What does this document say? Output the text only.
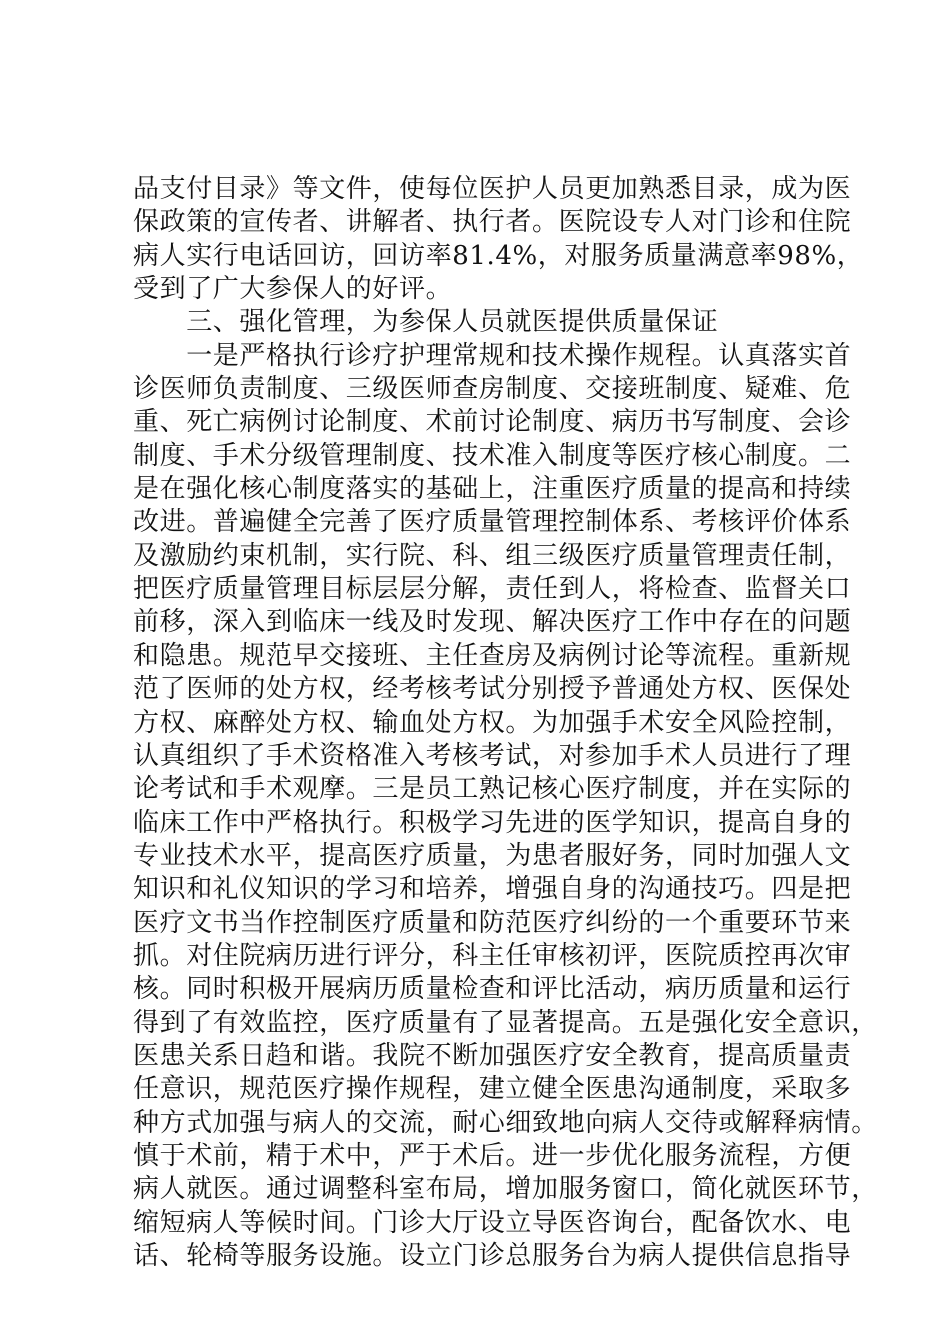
品支付目录》等文件，使每位医护人员更加熟悉目录，成为医
保政策的宣传者、讲解者、执行者。医院设专人对门诊和住院
病人实行电话回访，回访率81.4%，对服务质量满意率98%，
受到了广大参保人的好评。
　　三、强化管理，为参保人员就医提供质量保证
　　一是严格执行诊疗护理常规和技术操作规程。认真落实首
诊医师负责制度、三级医师查房制度、交接班制度、疑难、危
重、死亡病例讨论制度、术前讨论制度、病历书写制度、会诊
制度、手术分级管理制度、技术准入制度等医疗核心制度。二
是在强化核心制度落实的基础上，注重医疗质量的提高和持续
改进。普遍健全完善了医疗质量管理控制体系、考核评价体系
及激励约束机制，实行院、科、组三级医疗质量管理责任制，
把医疗质量管理目标层层分解，责任到人，将检查、监督关口
前移，深入到临床一线及时发现、解决医疗工作中存在的问题
和隐患。规范早交接班、主任查房及病例讨论等流程。重新规
范了医师的处方权，经考核考试分别授予普通处方权、医保处
方权、麻醉处方权、输血处方权。为加强手术安全风险控制，
认真组织了手术资格准入考核考试，对参加手术人员进行了理
论考试和手术观摩。三是员工熟记核心医疗制度，并在实际的
临床工作中严格执行。积极学习先进的医学知识，提高自身的
专业技术水平，提高医疗质量，为患者服好务，同时加强人文
知识和礼仪知识的学习和培养，增强自身的沟通技巧。四是把
医疗文书当作控制医疗质量和防范医疗纠纷的一个重要环节来
抓。对住院病历进行评分，科主任审核初评，医院质控再次审
核。同时积极开展病历质量检查和评比活动，病历质量和运行
得到了有效监控，医疗质量有了显著提高。五是强化安全意识，
医患关系日趋和谐。我院不断加强医疗安全教育，提高质量责
任意识，规范医疗操作规程，建立健全医患沟通制度，采取多
种方式加强与病人的交流，耐心细致地向病人交待或解释病情。
慎于术前，精于术中，严于术后。进一步优化服务流程，方便
病人就医。通过调整科室布局，增加服务窗口，简化就医环节，
缩短病人等候时间。门诊大厅设立导医咨询台，配备饮水、电
话、轮椅等服务设施。设立门诊总服务台为病人提供信息指导
